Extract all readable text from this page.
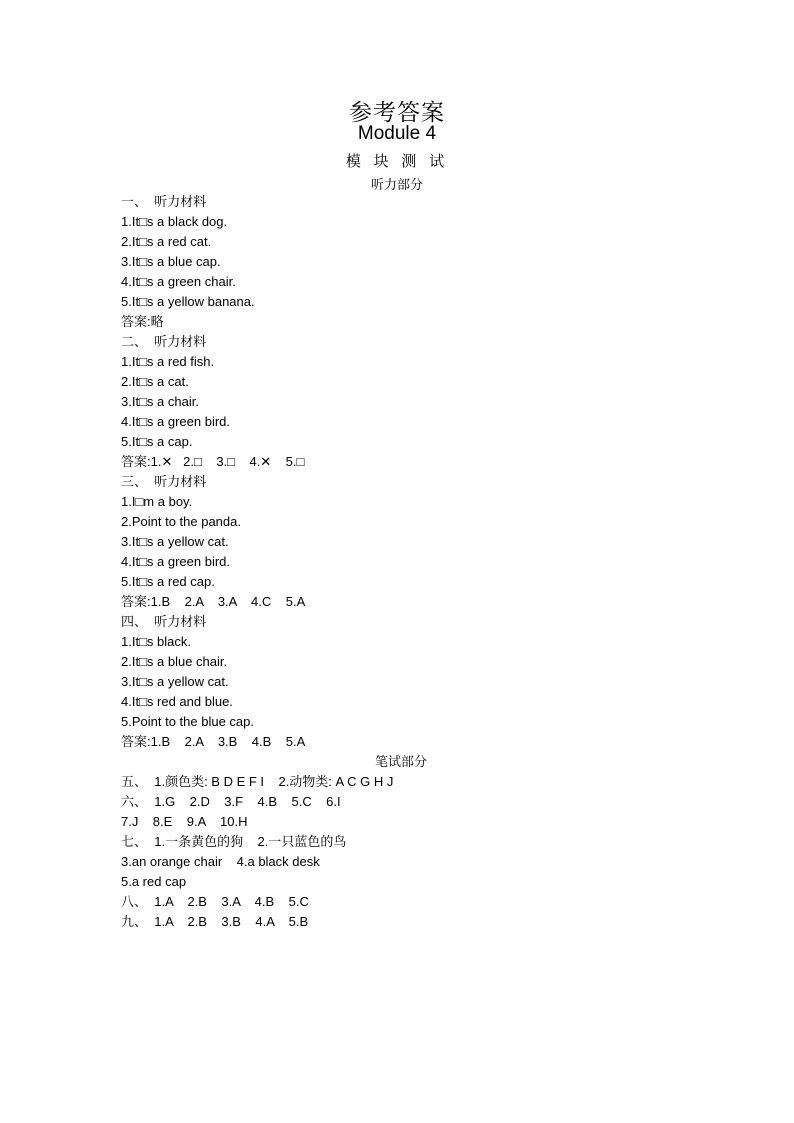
参考答案
Module 4
模 块 测 试
听力部分
一、  听力材料
1.It□s a black dog.
2.It□s a red cat.
3.It□s a blue cap.
4.It□s a green chair.
5.It□s a yellow banana.
答案:略
二、  听力材料
1.It□s a red fish.
2.It□s a cat.
3.It□s a chair.
4.It□s a green bird.
5.It□s a cap.
答案:1.✕   2.□    3.□    4.✕    5.□
三、  听力材料
1.I□m a boy.
2.Point to the panda.
3.It□s a yellow cat.
4.It□s a green bird.
5.It□s a red cap.
答案:1.B    2.A    3.A    4.C    5.A
四、  听力材料
1.It□s black.
2.It□s a blue chair.
3.It□s a yellow cat.
4.It□s red and blue.
5.Point to the blue cap.
答案:1.B    2.A    3.B    4.B    5.A
笔试部分
五、  1.颜色类: B D E F I    2.动物类: A C G H J
六、  1.G    2.D    3.F    4.B    5.C    6.I
7.J    8.E    9.A    10.H
七、  1.一条黄色的狗    2.一只蓝色的鸟
3.an orange chair    4.a black desk
5.a red cap
八、  1.A    2.B    3.A    4.B    5.C
九、  1.A    2.B    3.B    4.A    5.B
